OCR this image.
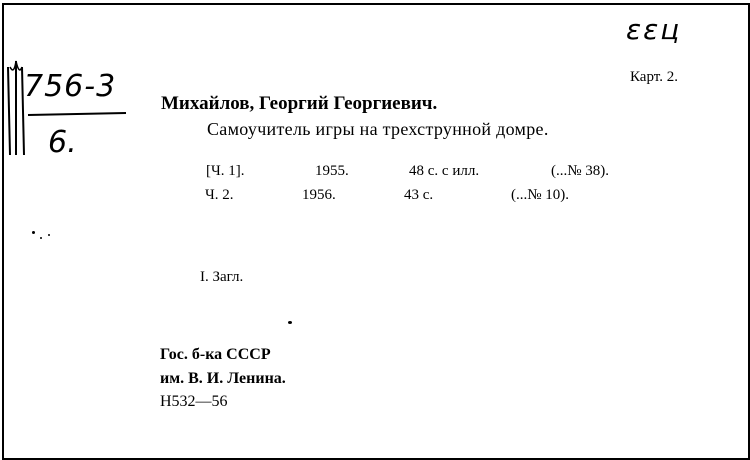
756-3
6.
ԑԑц
Карт. 2.
Михайлов, Георгий Георгиевич.
Самоучитель игры на трехструнной домре.
[Ч. 1].	1955.	48 с. с илл.	(...№ 38).
Ч. 2.	1956.	43 с.	(...№ 10).
I. Загл.
Гос. б-ка СССР
им. В. И. Ленина.
Н532—56
